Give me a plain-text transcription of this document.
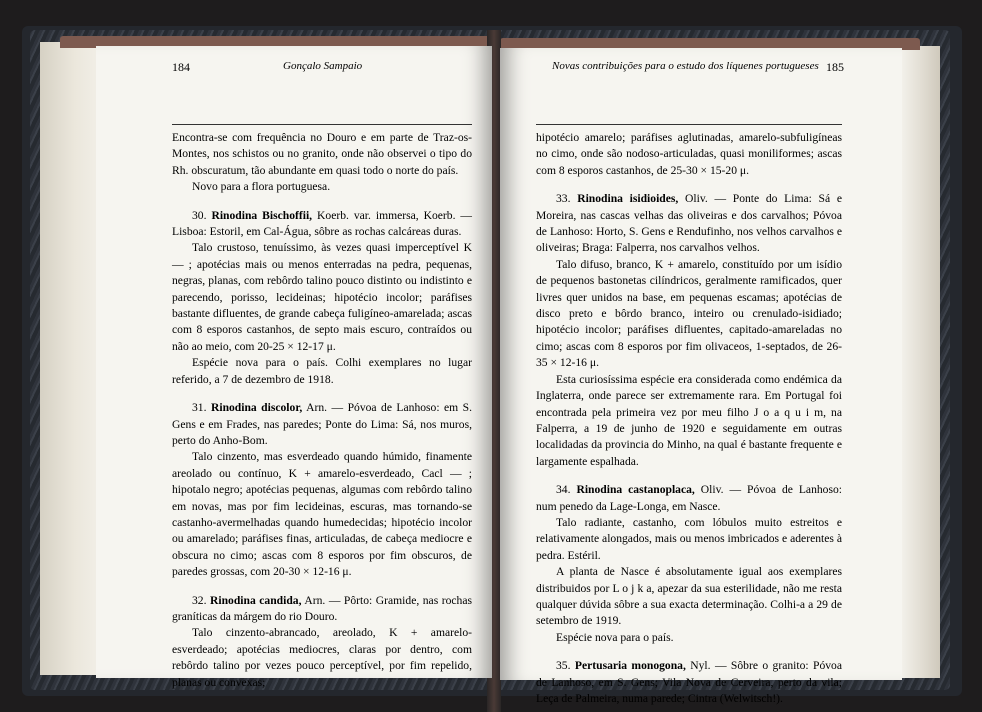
184	Gonçalo Sampaio	Novas contribuições para o estudo dos líquenes portugueses 185

Encontra-se com frequência no Douro e em parte de Traz-os-Montes, nos schistos ou no granito, onde não observei o tipo do Rh. obscuratum, tão abundante em quasi todo o norte do país.

Novo para a flora portuguesa.

30. Rinodina Bischoffii, Koerb. var. immersa, Koerb. — Lisboa: Estoril, em Cal-Água, sôbre as rochas calcáreas duras.

Talo crustoso, tenuíssimo, às vezes quasi imperceptível K — ; apotécias mais ou menos enterradas na pedra, pequenas, negras, planas, com rebôrdo talino pouco distinto ou indistinto e parecendo, porisso, lecideinas; hipotécio incolor; paráfises bastante difluentes, de grande cabeça fuligíneo-amarelada; ascas com 8 esporos castanhos, de septo mais escuro, contraídos ou não ao meio, com 20-25 × 12-17 μ.

Espécie nova para o país. Colhi exemplares no lugar referido, a 7 de dezembro de 1918.

31. Rinodina discolor, Arn. — Póvoa de Lanhoso: em S. Gens e em Frades, nas paredes; Ponte do Lima: Sá, nos muros, perto do Anho-Bom.

Talo cinzento, mas esverdeado quando húmido, finamente areolado ou contínuo, K + amarelo-esverdeado, Cacl — ; hipotalo negro; apotécias pequenas, algumas com rebôrdo talino em novas, mas por fim lecideinas, escuras, mas tornando-se castanho-avermelhadas quando humedecidas; hipotécio incolor ou amarelado; paráfises finas, articuladas, de cabeça mediocre e obscura no cimo; ascas com 8 esporos por fim obscuros, de paredes grossas, com 20-30 × 12-16 μ.

32. Rinodina candida, Arn. — Pôrto: Gramide, nas rochas graníticas da márgem do rio Douro.

Talo cinzento-abrancado, areolado, K + amarelo-esverdeado; apotécias mediocres, claras por dentro, com rebôrdo talino por vezes pouco perceptível, por fim repelido, planas ou convexas;

hipotécio amarelo; paráfises aglutinadas, amarelo-subfuligíneas no cimo, onde são nodoso-articuladas, quasi moniliformes; ascas com 8 esporos castanhos, de 25-30 × 15-20 μ.

33. Rinodina isidioides, Oliv. — Ponte do Lima: Sá e Moreira, nas cascas velhas das oliveiras e dos carvalhos; Póvoa de Lanhoso: Horto, S. Gens e Rendufinho, nos velhos carvalhos e oliveiras; Braga: Falperra, nos carvalhos velhos.

Talo difuso, branco, K + amarelo, constituído por um isídio de pequenos bastonetas cilíndricos, geralmente ramificados, quer livres quer unidos na base, em pequenas escamas; apotécias de disco preto e bôrdo branco, inteiro ou crenulado-isidiado; hipotécio incolor; paráfises difluentes, capitado-amareladas no cimo; ascas com 8 esporos por fim olivaceos, 1-septados, de 26-35 × 12-16 μ.

Esta curiosíssima espécie era considerada como endémica da Inglaterra, onde parece ser extremamente rara. Em Portugal foi encontrada pela primeira vez por meu filho J o a q u i m, na Falperra, a 19 de junho de 1920 e seguidamente em outras localidadas da provincia do Minho, na qual é bastante frequente e largamente espalhada.

34. Rinodina castanoplaca, Oliv. — Póvoa de Lanhoso: num penedo da Lage-Longa, em Nasce.

Talo radiante, castanho, com lóbulos muito estreitos e relativamente alongados, mais ou menos imbricados e aderentes à pedra. Estéril.

A planta de Nasce é absolutamente igual aos exemplares distribuidos por L o j k a, apezar da sua esterilidade, não me resta qualquer dúvida sôbre a sua exacta determinação. Colhi-a a 29 de setembro de 1919.

Espécie nova para o país.

35. Pertusaria monogona, Nyl. — Sôbre o granito: Póvoa de Lanhoso, em S. Gens; Vila Nova de Cerveira, perto da vila; Leça de Palmeira, numa parede; Cintra (Welwitsch!).
